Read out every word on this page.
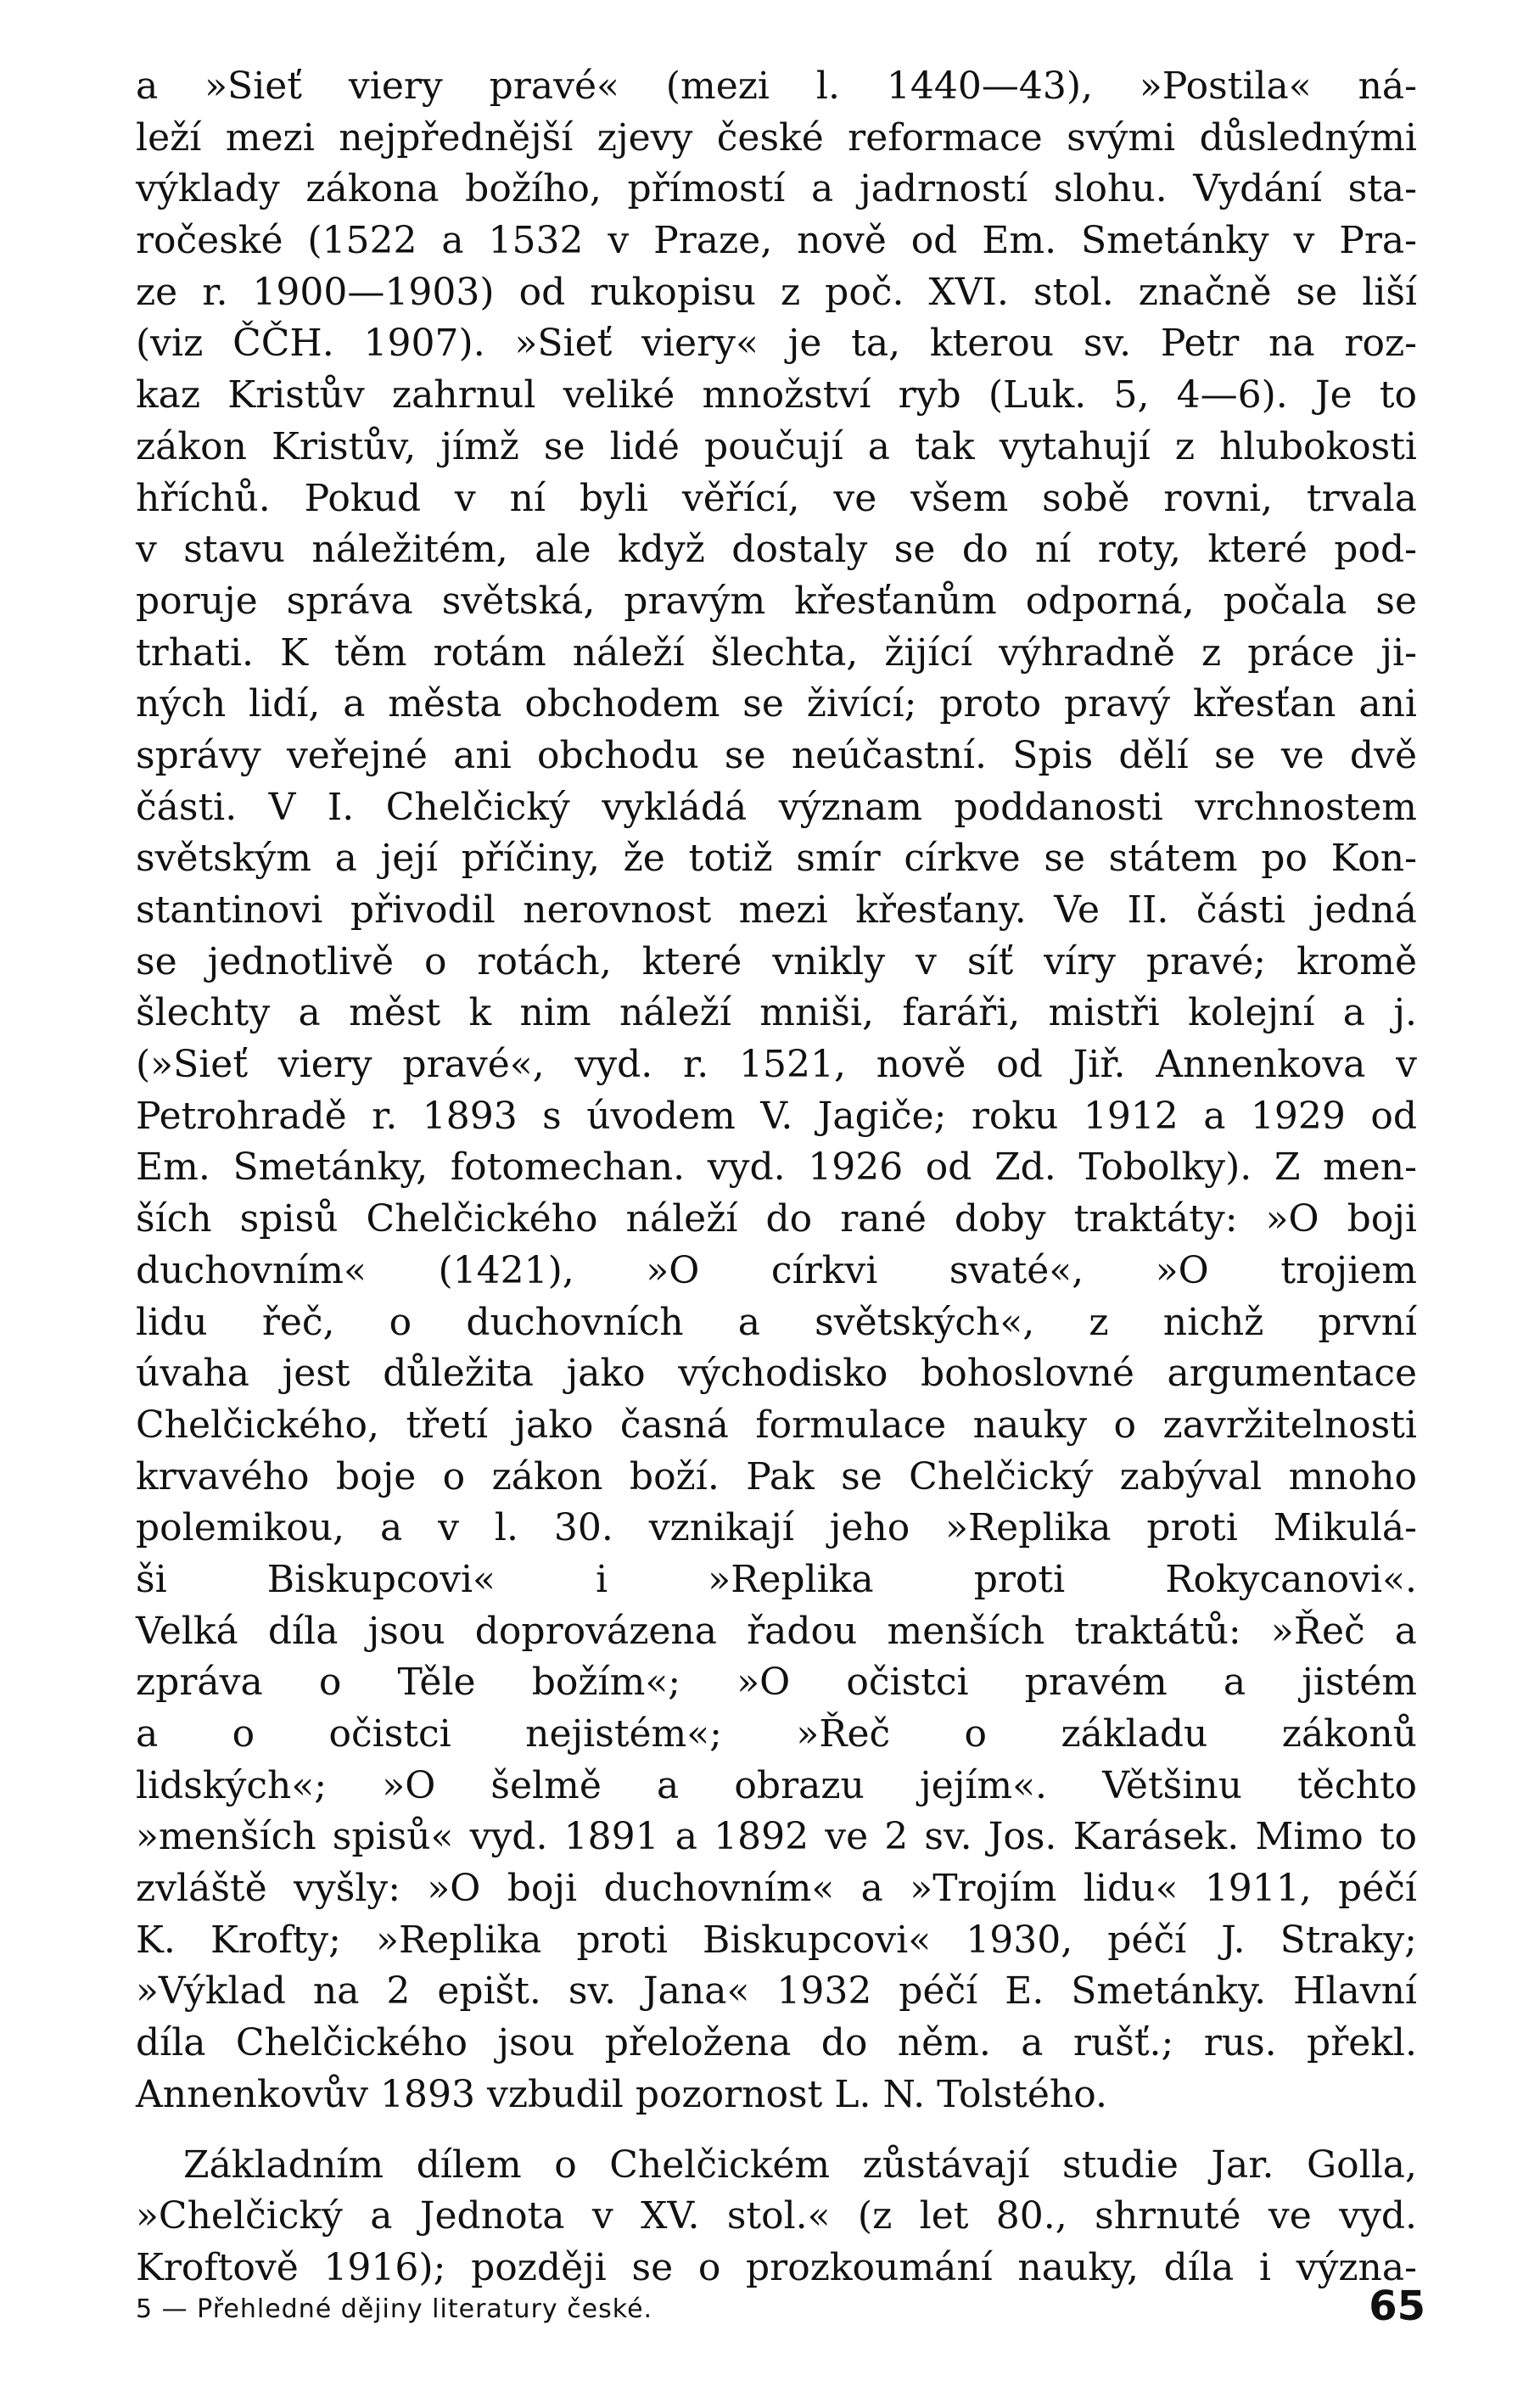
a »Sieť viery pravé« (mezi l. 1440—43), »Postila« ná-
leží mezi nejpřednější zjevy české reformace svými důslednými
výklady zákona božího, přímostí a jadrností slohu. Vydání sta-
ročeské (1522 a 1532 v Praze, nově od Em. Smetánky v Pra-
ze r. 1900—1903) od rukopisu z poč. XVI. stol. značně se liší
(viz ČČH. 1907). »Sieť viery« je ta, kterou sv. Petr na roz-
kaz Kristův zahrnul veliké množství ryb (Luk. 5, 4—6). Je to
zákon Kristův, jímž se lidé poučují a tak vytahují z hlubokosti
hříchů. Pokud v ní byli věřící, ve všem sobě rovni, trvala
v stavu náležitém, ale když dostaly se do ní roty, které pod-
poruje správa světská, pravým křesťanům odporná, počala se
trhati. K těm rotám náleží šlechta, žijící výhradně z práce ji-
ných lidí, a města obchodem se živící; proto pravý křesťan ani
správy veřejné ani obchodu se neúčastní. Spis dělí se ve dvě
části. V I. Chelčický vykládá význam poddanosti vrchnostem
světským a její příčiny, že totiž smír církve se státem po Kon-
stantinovi přivodil nerovnost mezi křesťany. Ve II. části jedná
se jednotlivě o rotách, které vnikly v síť víry pravé; kromě
šlechty a měst k nim náleží mniši, faráři, mistři kolejní a j.
(»Sieť viery pravé«, vyd. r. 1521, nově od Jiř. Annenkova v
Petrohradě r. 1893 s úvodem V. Jagiče; roku 1912 a 1929 od
Em. Smetánky, fotomechan. vyd. 1926 od Zd. Tobolky). Z men-
ších spisů Chelčického náleží do rané doby traktáty: »O boji
duchovním« (1421), »O církvi svaté«, »O trojiem
lidu řeč, o duchovních a světských«, z nichž první
úvaha jest důležita jako východisko bohoslovné argumentace
Chelčického, třetí jako časná formulace nauky o zavržitelnosti
krvavého boje o zákon boží. Pak se Chelčický zabýval mnoho
polemikou, a v l. 30. vznikají jeho »Replika proti Mikulá-
ši Biskupcovi« i »Replika proti Rokycanovi«.
Velká díla jsou doprovázena řadou menších traktátů: »Řeč a
zpráva o Těle božím«; »O očistci pravém a jistém
a o očistci nejistém«; »Řeč o základu zákonů
lidských«; »O šelmě a obrazu jejím«. Většinu těchto
»menších spisů« vyd. 1891 a 1892 ve 2 sv. Jos. Karásek. Mimo to
zvláště vyšly: »O boji duchovním« a »Trojím lidu« 1911, péčí
K. Krofty; »Replika proti Biskupcovi« 1930, péčí J. Straky;
»Výklad na 2 epišt. sv. Jana« 1932 péčí E. Smetánky. Hlavní
díla Chelčického jsou přeložena do něm. a rušť.; rus. překl.
Annenkovův 1893 vzbudil pozornost L. N. Tolstého.
Základním dílem o Chelčickém zůstávají studie Jar. Golla,
»Chelčický a Jednota v XV. stol.« (z let 80., shrnuté ve vyd.
Kroftově 1916); později se o prozkoumání nauky, díla i význa-
5 — Přehledné dějiny literatury české.	65
